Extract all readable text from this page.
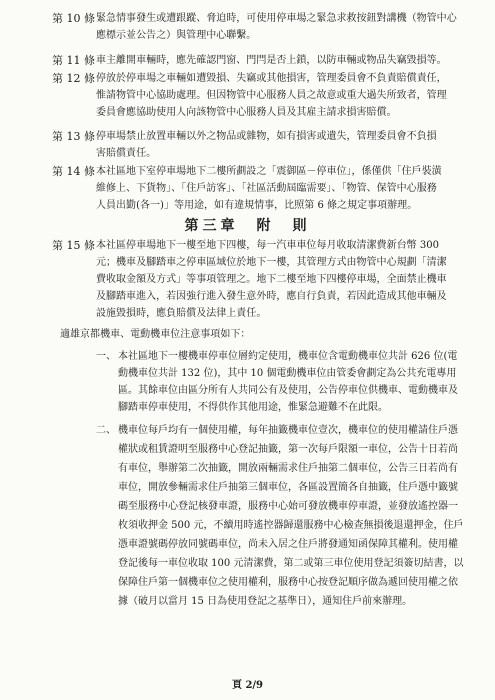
第 10 條 緊急情事發生或遭跟蹤、脅迫時，可使用停車場之緊急求救按鈕對講機（物管中心
應標示並公告之）與管理中心聯繫。
第 11 條 車主離開車輛時，應先確認門窗、門閂是否上鎖，以防車輛或物品失竊毀損等。
第 12 條 停放於停車場之車輛如遭毀損、失竊或其他損害，管理委員會不負責賠償責任，
惟請物管中心協助處理。但因物管中心服務人員之故意或重大過失所致者，管理
委員會應協助使用人向該物管中心服務人員及其雇主請求損害賠償。
第 13 條 停車場禁止放置車輛以外之物品或雜物，如有損害或遺失，管理委員會不負損
害賠償責任。
第 14 條 本社區地下室停車場地下二樓所劃設之「震御區－停車位」，係僅供「住戶裝潢
維修上、下貨物」、「住戶訪客」、「社區活動屆臨需要」、「物管、保管中心服務
人員出勤(各一)」等用途，如有違規情事，比照第 6 條之規定事項辦理。
第三章　附　則
第 15 條 本社區停車場地下一樓至地下四樓，每一汽車車位每月收取清潔費新台幣 300
元；機車及腳踏車之停車區域位於地下一樓，其管理方式由物管中心規劃「清潔
費收取金額及方式」等事項管理之。地下二樓至地下四樓停車場，全面禁止機車
及腳踏車進入，若因強行進入發生意外時，應自行負責，若因此造成其他車輛及
設施毀損時，應負賠償及法律上責任。
適雄京都機車、電動機車位注意事項如下：
一、 本社區地下一樓機車停車位層約定使用，機車位含電動機車位共計 626 位(電
動機車位共計 132 位)，其中 10 個電動機車位由管委會劃定為公共充電專用
區。其餘車位由區分所有人共同公有及使用，公告停車位供機車、電動機車及
腳踏車停車使用，不得供作其他用途，惟緊急避難不在此限。
二、 機車位每戶均有一個使用權，每年抽籤機車位壹次，機車位的使用權請住戶憑
權狀或租賃證明至服務中心登記抽籤，第一次每戶限額一車位，公告十日若尚
有車位，舉辦第二次抽籤，開放兩輛需求住戶抽第二個車位，公告三日若尚有
車位，開放參輛需求住戶抽第三個車位，各區設置簡各自抽籤，住戶憑中籤號
碼至服務中心登記核發車證，服務中心始可發放機車停車證，並發放遙控器一
枚須收押金 500 元，不續用時遙控器歸還服務中心檢查無損後退還押金，住戶
憑車證號碼停放同號碼車位，尚未入居之住戶將發通知函保障其權利。使用權
登記後每一車位收取 100 元清潔費，第二或第三車位使用登記須簽切結書，以
保障住戶第一個機車位之使用權利，服務中心按登記順序做為遞回使用權之依
據（破月以當月 15 日為使用登記之基準日），通知住戶前來辦理。
頁 2/9
